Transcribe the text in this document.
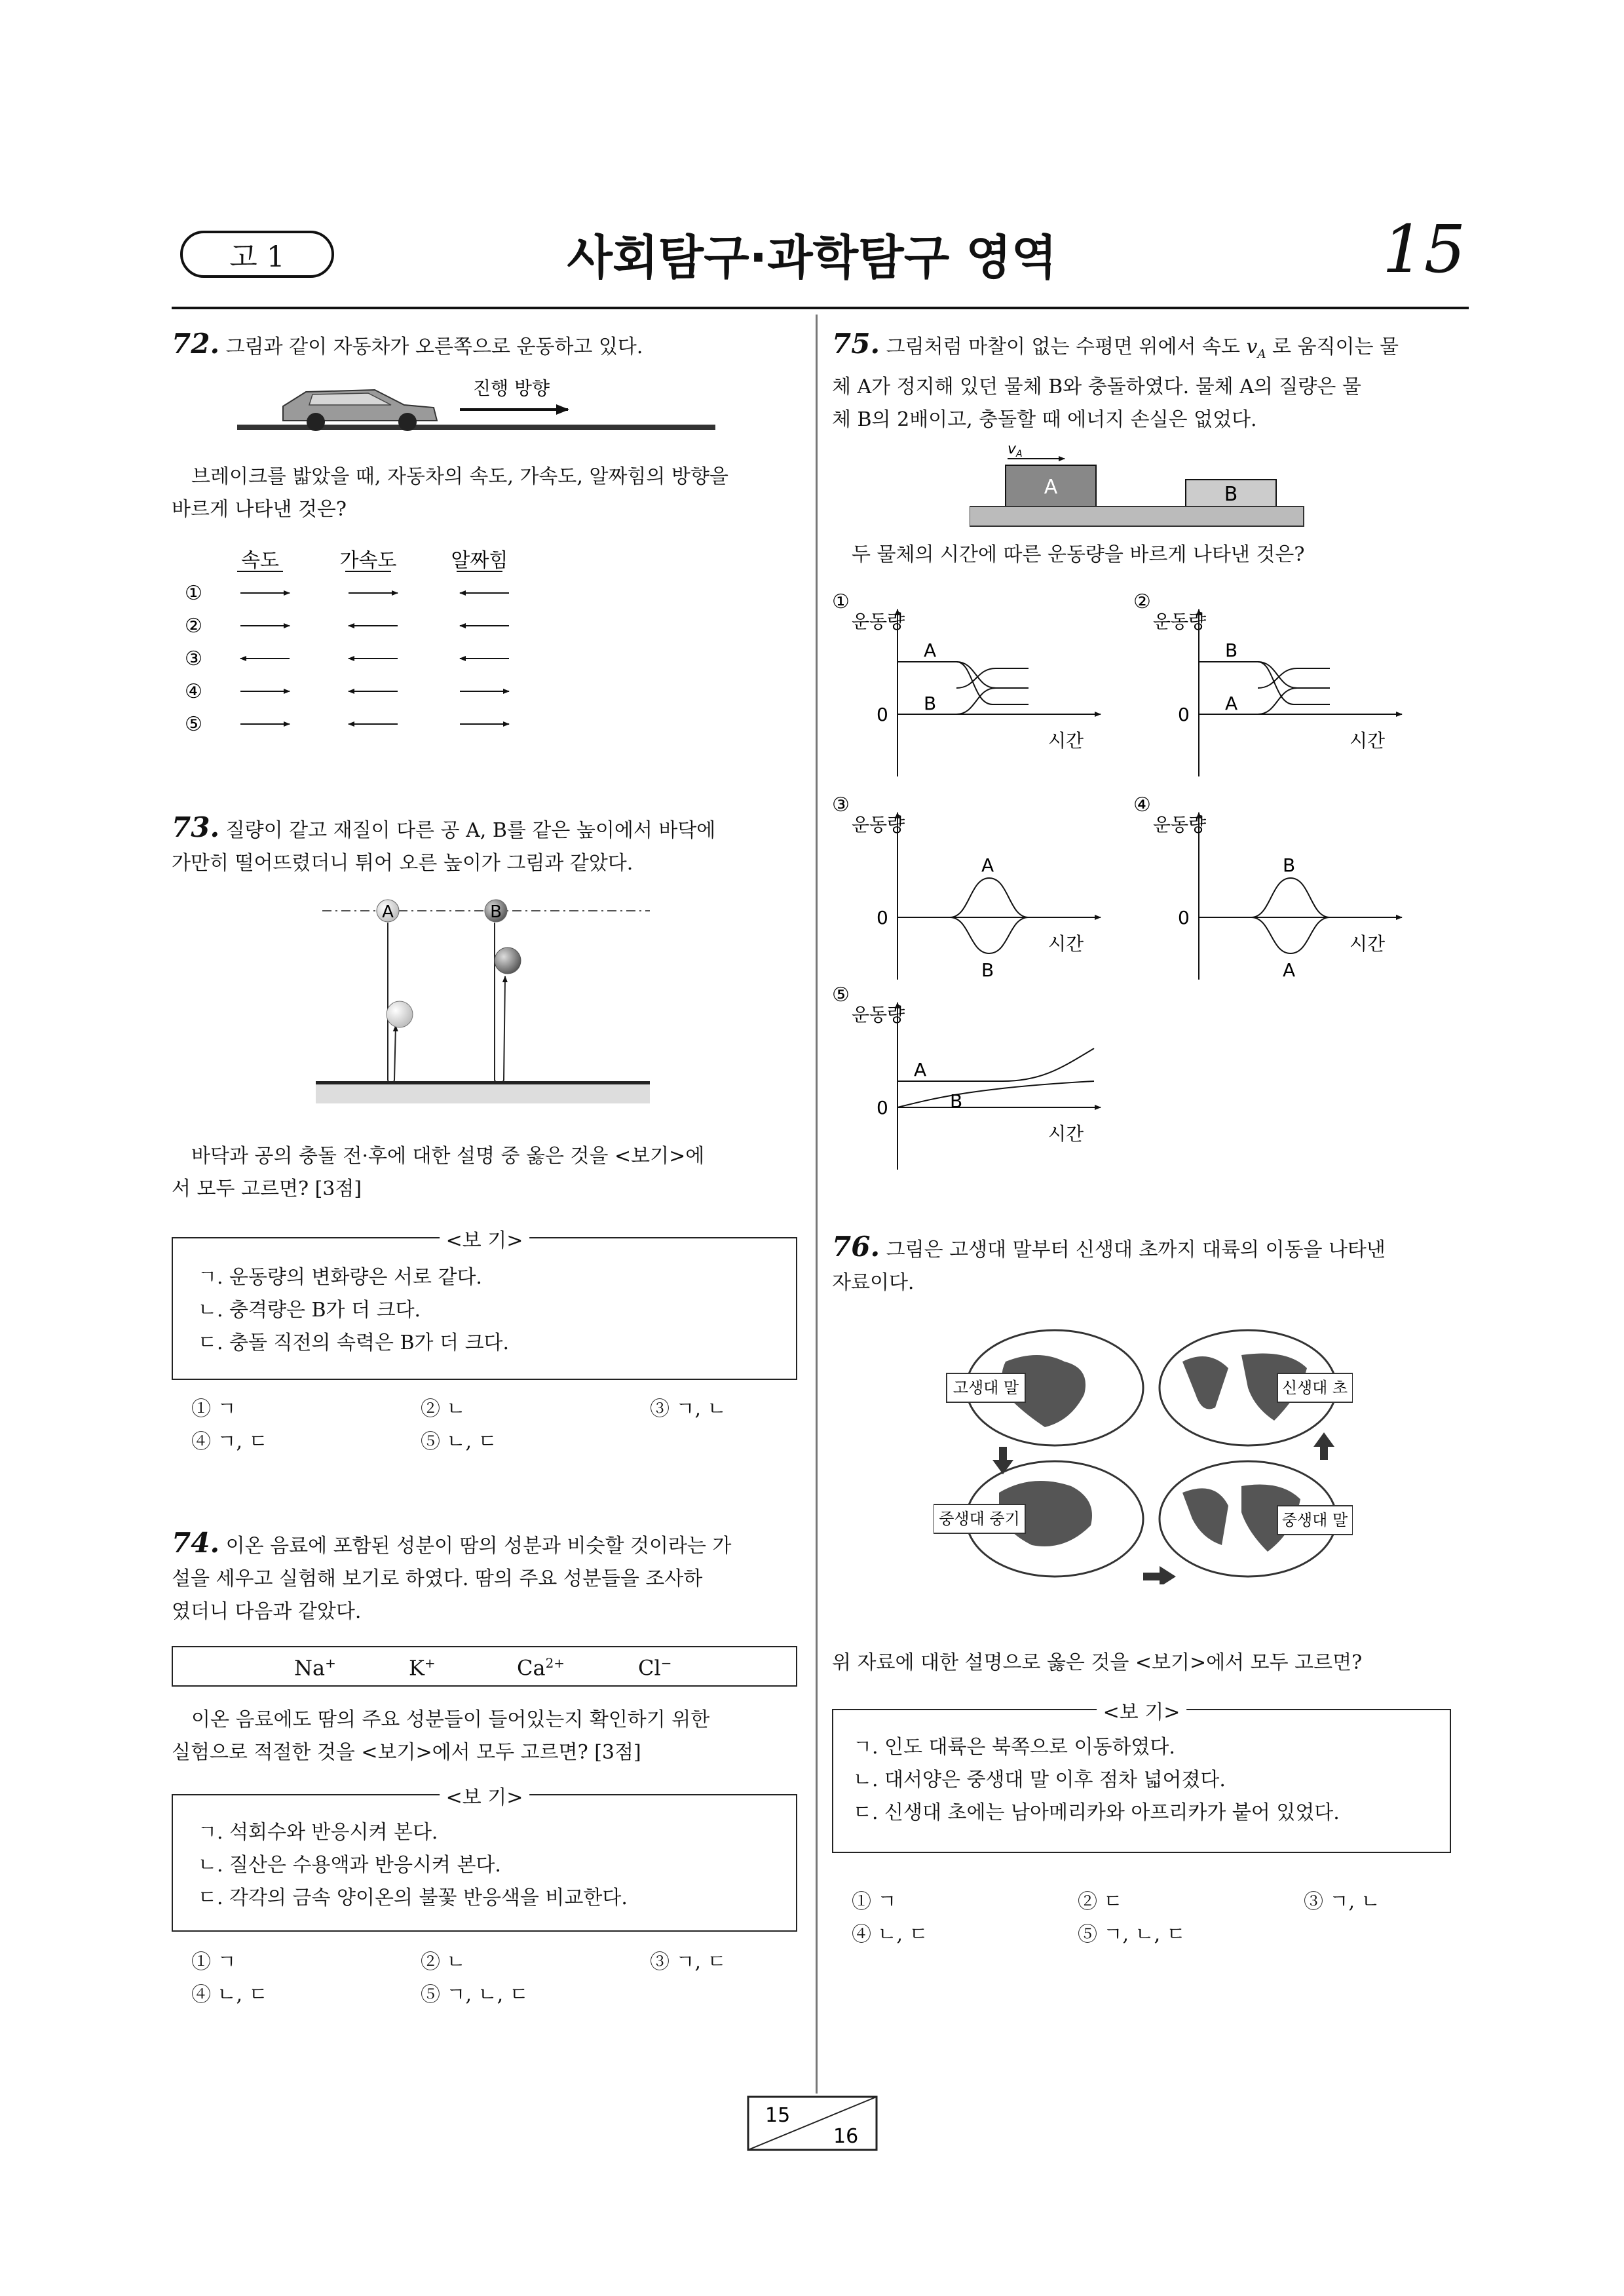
고 1	사회탐구·과학탐구 영역	15
72. 그림과 같이 자동차가 오른쪽으로 운동하고 있다.
진행 방향
브레이크를 밟았을 때, 자동차의 속도, 가속도, 알짜힘의 방향을
바르게 나타낸 것은?
속도	가속도	알짜힘
①
②
③
④
⑤
73. 질량이 같고 재질이 다른 공 A, B를 같은 높이에서 바닥에
가만히 떨어뜨렸더니 튀어 오른 높이가 그림과 같았다.
A	B
바닥과 공의 충돌 전·후에 대한 설명 중 옳은 것을 <보기>에
서 모두 고르면? [3점]
<보 기>
ㄱ. 운동량의 변화량은 서로 같다.
ㄴ. 충격량은 B가 더 크다.
ㄷ. 충돌 직전의 속력은 B가 더 크다.
① ㄱ	② ㄴ	③ ㄱ, ㄴ
④ ㄱ, ㄷ	⑤ ㄴ, ㄷ
74. 이온 음료에 포함된 성분이 땀의 성분과 비슷할 것이라는 가
설을 세우고 실험해 보기로 하였다. 땀의 주요 성분들을 조사하
였더니 다음과 같았다.
Na+	K+	$Ca^{2+}$	Cl−
이온 음료에도 땀의 주요 성분들이 들어있는지 확인하기 위한
실험으로 적절한 것을 <보기>에서 모두 고르면? [3점]
<보 기>
ㄱ. 석회수와 반응시켜 본다.
ㄴ. 질산은 수용액과 반응시켜 본다.
ㄷ. 각각의 금속 양이온의 불꽃 반응색을 비교한다.
① ㄱ	② ㄴ	③ ㄱ, ㄷ
④ ㄴ, ㄷ	⑤ ㄱ, ㄴ, ㄷ
75. 그림처럼 마찰이 없는 수평면 위에서 속도 $v_A$ 로 움직이는 물
체 A가 정지해 있던 물체 B와 충돌하였다. 물체 A의 질량은 물
체 B의 2배이고, 충돌할 때 에너지 손실은 없었다.
$v_A$
A	B
두 물체의 시간에 따른 운동량을 바르게 나타낸 것은?
①
운동량
0
시간
A
B
②
운동량
0
시간
B
A
③
운동량
0
시간
A
B
④
운동량
0
시간
B
A
⑤
운동량
0
시간
A
B
76. 그림은 고생대 말부터 신생대 초까지 대륙의 이동을 나타낸
자료이다.
고생대 말	신생대 초
중생대 중기	중생대 말
위 자료에 대한 설명으로 옳은 것을 <보기>에서 모두 고르면?
<보 기>
ㄱ. 인도 대륙은 북쪽으로 이동하였다.
ㄴ. 대서양은 중생대 말 이후 점차 넓어졌다.
ㄷ. 신생대 초에는 남아메리카와 아프리카가 붙어 있었다.
① ㄱ	② ㄷ	③ ㄱ, ㄴ
④ ㄴ, ㄷ	⑤ ㄱ, ㄴ, ㄷ
15
16
